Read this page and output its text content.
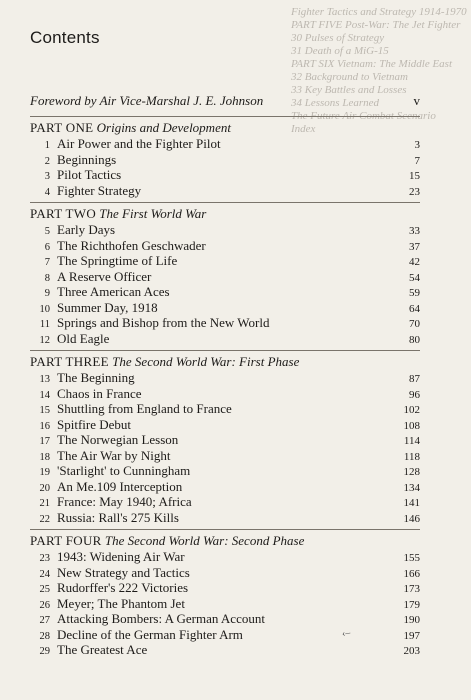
Fighter Tactics and Strategy 1914-1970
PART FIVE Post-War: The Jet Fighter
30 Pulses of Strategy
31 Death of a MiG-15
PART SIX Vietnam: The Middle East
32 Background to Vietnam
33 Key Battles and Losses
34 Lessons Learned
The Future Air Combat Scenario
Index
Contents
Foreword by Air Vice-Marshal J. E. Johnson	v
PART ONE Origins and Development
1 Air Power and the Fighter Pilot	3
2 Beginnings	7
3 Pilot Tactics	15
4 Fighter Strategy	23
PART TWO The First World War
5 Early Days	33
6 The Richthofen Geschwader	37
7 The Springtime of Life	42
8 A Reserve Officer	54
9 Three American Aces	59
10 Summer Day, 1918	64
11 Springs and Bishop from the New World	70
12 Old Eagle	80
PART THREE The Second World War: First Phase
13 The Beginning	87
14 Chaos in France	96
15 Shuttling from England to France	102
16 Spitfire Debut	108
17 The Norwegian Lesson	114
18 The Air War by Night	118
19 'Starlight' to Cunningham	128
20 An Me.109 Interception	134
21 France: May 1940; Africa	141
22 Russia: Rall's 275 Kills	146
PART FOUR The Second World War: Second Phase
23 1943: Widening Air War	155
24 New Strategy and Tactics	166
25 Rudorffer's 222 Victories	173
26 Meyer; The Phantom Jet	179
27 Attacking Bombers: A German Account	190
28 Decline of the German Fighter Arm	197
29 The Greatest Ace	203
‹–
